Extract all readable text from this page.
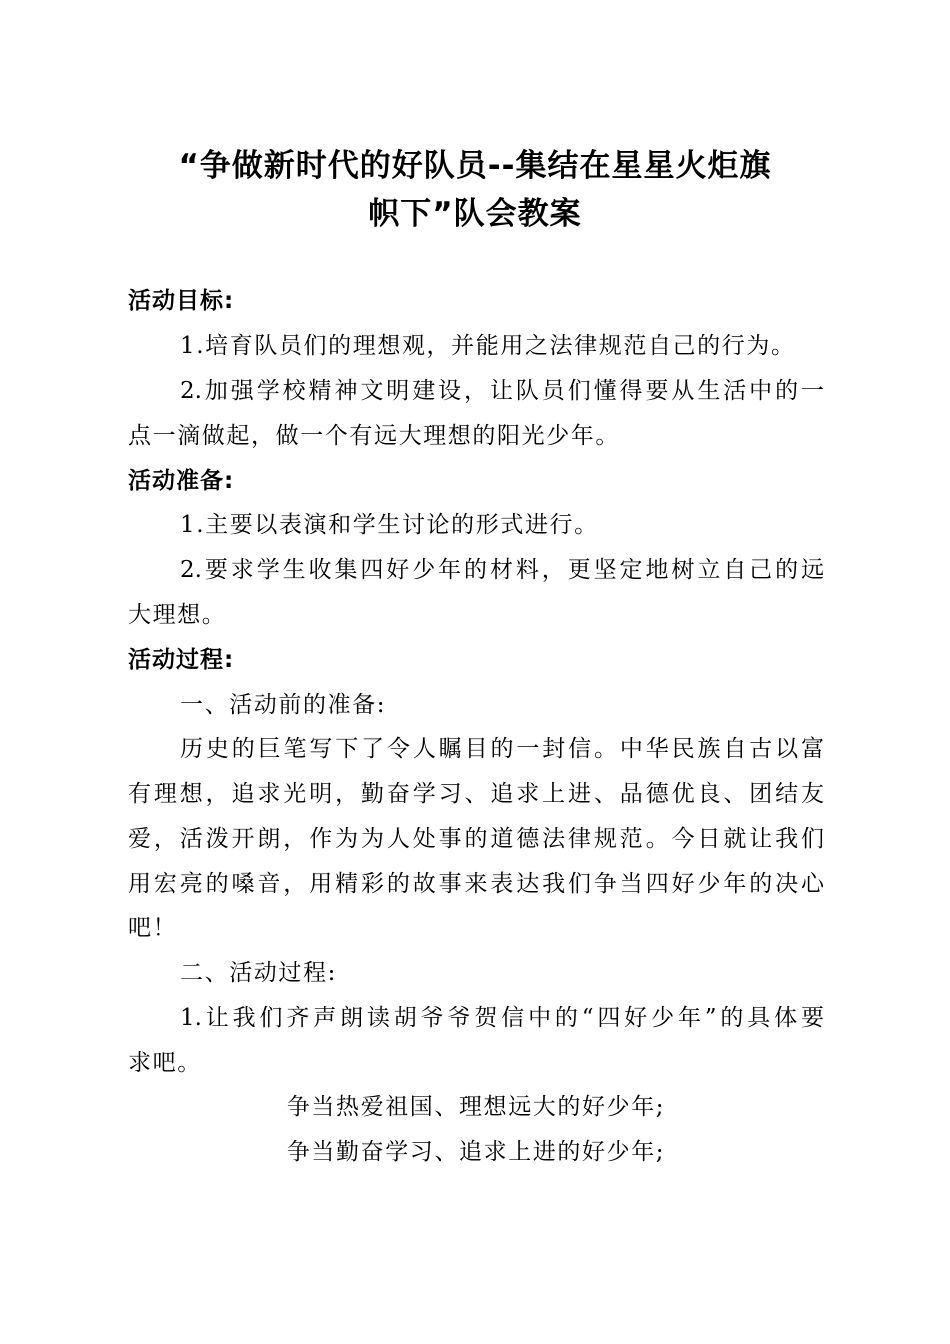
“争做新时代的好队员--集结在星星火炬旗
帜下”队会教案
活动目标:
1.培育队员们的理想观，并能用之法律规范自己的行为。
2.加强学校精神文明建设，让队员们懂得要从生活中的一
点一滴做起，做一个有远大理想的阳光少年。
活动准备:
1.主要以表演和学生讨论的形式进行。
2.要求学生收集四好少年的材料，更坚定地树立自己的远
大理想。
活动过程:
一、活动前的准备:
历史的巨笔写下了令人瞩目的一封信。中华民族自古以富
有理想，追求光明，勤奋学习、追求上进、品德优良、团结友
爱，活泼开朗，作为为人处事的道德法律规范。今日就让我们
用宏亮的嗓音，用精彩的故事来表达我们争当四好少年的决心
吧！
二、活动过程:
1.让我们齐声朗读胡爷爷贺信中的“四好少年”的具体要
求吧。
争当热爱祖国、理想远大的好少年;
争当勤奋学习、追求上进的好少年;
